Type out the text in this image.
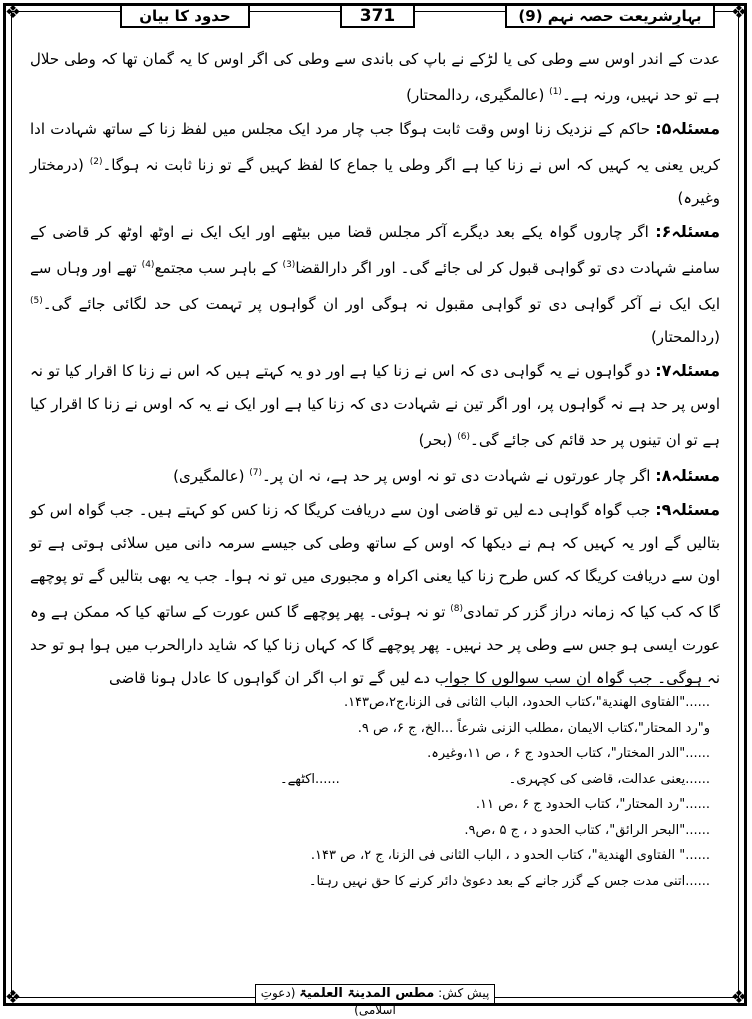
❖	❖
❖	❖
حدود کا بیان	371	بہارِشریعت حصہ نہم (9)

عدت کے اندر اوس سے وطی کی یا لڑکے نے باپ کی باندی سے وطی کی اگر اوس کا یہ گمان تھا کہ وطی حلال ہے تو حد نہیں، ورنہ ہے۔$^{(1)}$ (عالمگیری، ردالمحتار)

مسئلہ۵: حاکم کے نزدیک زنا اوس وقت ثابت ہوگا جب چار مرد ایک مجلس میں لفظ زنا کے ساتھ شہادت ادا کریں یعنی یہ کہیں کہ اس نے زنا کیا ہے اگر وطی یا جماع کا لفظ کہیں گے تو زنا ثابت نہ ہوگا۔$^{(2)}$ (درمختار وغیرہ)

مسئلہ۶: اگر چاروں گواہ یکے بعد دیگرے آکر مجلس قضا میں بیٹھے اور ایک ایک نے اوٹھ اوٹھ کر قاضی کے سامنے شہادت دی تو گواہی قبول کر لی جائے گی۔ اور اگر دارالقضا$^{(3)}$ کے باہر سب مجتمع$^{(4)}$ تھے اور وہاں سے ایک ایک نے آکر گواہی دی تو گواہی مقبول نہ ہوگی اور ان گواہوں پر تہمت کی حد لگائی جائے گی۔$^{(5)}$ (ردالمحتار)

مسئلہ۷: دو گواہوں نے یہ گواہی دی کہ اس نے زنا کیا ہے اور دو یہ کہتے ہیں کہ اس نے زنا کا اقرار کیا تو نہ اوس پر حد ہے نہ گواہوں پر، اور اگر تین نے شہادت دی کہ زنا کیا ہے اور ایک نے یہ کہ اوس نے زنا کا اقرار کیا ہے تو ان تینوں پر حد قائم کی جائے گی۔$^{(6)}$ (بحر)

مسئلہ۸: اگر چار عورتوں نے شہادت دی تو نہ اوس پر حد ہے، نہ ان پر۔$^{(7)}$ (عالمگیری)

مسئلہ۹: جب گواہ گواہی دے لیں تو قاضی اون سے دریافت کریگا کہ زنا کس کو کہتے ہیں۔ جب گواہ اس کو بتالیں گے اور یہ کہیں کہ ہم نے دیکھا کہ اوس کے ساتھ وطی کی جیسے سرمہ دانی میں سلائی ہوتی ہے تو اون سے دریافت کریگا کہ کس طرح زنا کیا یعنی اکراہ و مجبوری میں تو نہ ہوا۔ جب یہ بھی بتالیں گے تو پوچھے گا کہ کب کیا کہ زمانہ دراز گزر کر تمادی$^{(8)}$ تو نہ ہوئی۔ پھر پوچھے گا کس عورت کے ساتھ کیا کہ ممکن ہے وہ عورت ایسی ہو جس سے وطی پر حد نہیں۔ پھر پوچھے گا کہ کہاں زنا کیا کہ شاید دارالحرب میں ہوا ہو تو حد نہ ہوگی۔ جب گواہ ان سب سوالوں کا جواب دے لیں گے تو اب اگر ان گواہوں کا عادل ہونا قاضی

......"الفتاوی الھندیة"،کتاب الحدود، الباب الثانی فی الزنا،ج۲،ص۱۴۳.

و"رد المحتار"،کتاب الایمان ،مطلب الزنی شرعاً ...الخ، ج ۶، ص ۹.

......"الدر المختار"، کتاب الحدود ج ۶ ، ص ۱۱،وغیرہ.

......یعنی عدالت، قاضی کی کچہری۔
......اکٹھے۔

......"رد المحتار"، کتاب الحدود ج ۶ ،ص ۱۱.

......"البحر الرائق"، کتاب الحدو د ، ج ۵ ،ص۹.

......" الفتاوی الھندیة"، کتاب الحدو د ، الباب الثانی فی الزنا، ج ۲، ص ۱۴۳.

......اتنی مدت جس کے گزر جانے کے بعد دعویٰ دائر کرنے کا حق نہیں رہتا۔

پیش کش: مطس المدینۃ العلمیۃ (دعوتِ اسلامی)
